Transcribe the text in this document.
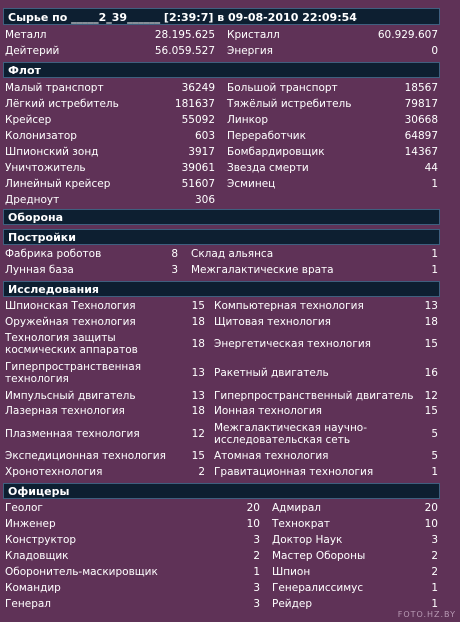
Сырье по _____2_39______ [2:39:7] в 09-08-2010 22:09:54
Металл	28.195.625 Кристалл	60.929.607
Дейтерий	56.059.527 Энергия	0
Флот
Малый транспорт	36249 Большой транспорт	18567
Лёгкий истребитель	181637 Тяжёлый истребитель	79817
Крейсер	55092 Линкор	30668
Колонизатор	603 Переработчик	64897
Шпионский зонд	3917 Бомбардировщик	14367
Уничтожитель	39061 Звезда смерти	44
Линейный крейсер	51607 Эсминец	1
Дредноут	306
Оборона
Постройки
Фабрика роботов	8 Склад альянса	1
Лунная база	3 Межгалактические врата	1
Исследования
Шпионская Технология	15 Компьютерная технология	13
Оружейная технология	18 Щитовая технология	18
Технология защиты космических аппаратов	18 Энергетическая технология	15
Гиперпространственная технология	13 Ракетный двигатель	16
Импульсный двигатель	13 Гиперпространственный двигатель 12
Лазерная технология	18 Ионная технология	15
Плазменная технология	12 Межгалактическая научно-исследовательская сеть	5
Экспедиционная технология 15 Атомная технология	5
Хронотехнология	2 Гравитационная технология	1
Офицеры
Геолог	20 Адмирал	20
Инженер	10 Технократ	10
Конструктор	3 Доктор Наук	3
Кладовщик	2 Мастер Обороны	2
Оборонитель-маскировщик	1 Шпион	2
Командир	3 Генералиссимус	1
Генерал	3 Рейдер	1
FOTO.HZ.BY
